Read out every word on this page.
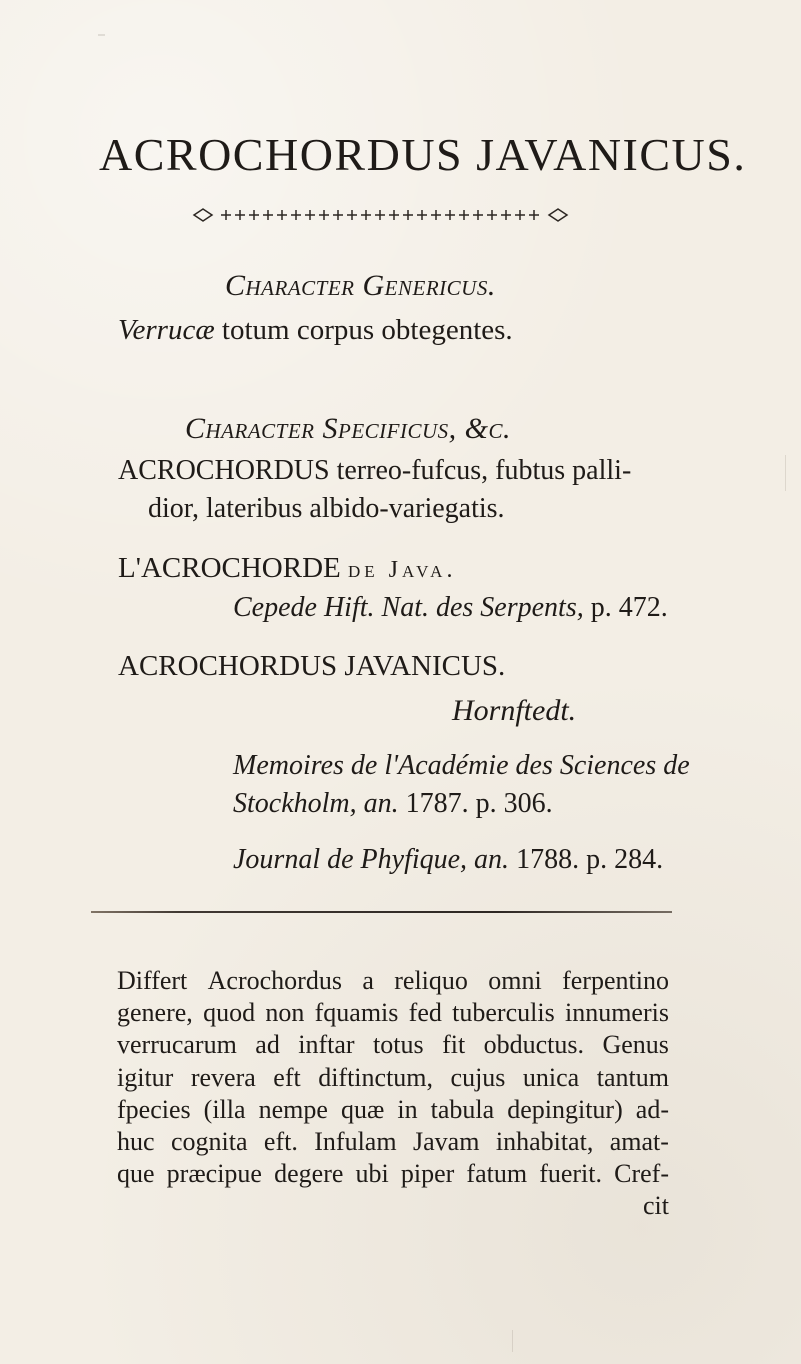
ACROCHORDUS JAVANICUS.
Character Genericus.
Verrucæ totum corpus obtegentes.
Character Specificus, &c.
ACROCHORDUS terreo-fufcus, fubtus palli-
dior, lateribus albido-variegatis.
L'ACROCHORDE de Java.
Cepede Hift. Nat. des Serpents, p. 472.
ACROCHORDUS JAVANICUS.
Hornftedt.
Memoires de l'Académie des Sciences de
Stockholm, an. 1787. p. 306.
Journal de Phyfique, an. 1788. p. 284.
Differt Acrochordus a reliquo omni ferpentino
genere, quod non fquamis fed tuberculis innumeris
verrucarum ad inftar totus fit obductus. Genus
igitur revera eft diftinctum, cujus unica tantum
fpecies (illa nempe quæ in tabula depingitur) ad-
huc cognita eft. Infulam Javam inhabitat, amat-
que præcipue degere ubi piper fatum fuerit. Cref-
cit
